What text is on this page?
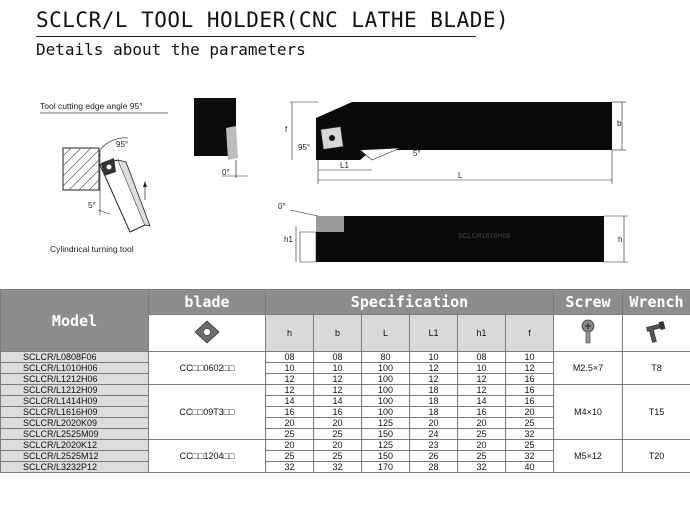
SCLCR/L TOOL HOLDER(CNC LATHE BLADE)
Details about the parameters
Tool cutting edge angle 95°
95°
5°
Cylindrical turning tool
0°
f
b
95°
5°
L1
L
SCLCR1616H09
0°
h1	h
Model	blade	Specification						Screw	Wrench
	h	b	L	L1	h1	f		
SCLCR/L0808F06	CC□□0602□□	08	08	80	10	08	10	M2.5×7	T8
SCLCR/L1010H06		10	10	100	12	10	12		
SCLCR/L1212H06		12	12	100	12	12	16		
SCLCR/L1212H09	CC□□09T3□□	12	12	100	18	12	16	M4×10	T15
SCLCR/L1414H09		14	14	100	18	14	16		
SCLCR/L1616H09		16	16	100	18	16	20		
SCLCR/L2020K09		20	20	125	20	20	25		
SCLCR/L2525M09		25	25	150	24	25	32		
SCLCR/L2020K12	CC□□1204□□	20	20	125	23	20	25	M5×12	T20
SCLCR/L2525M12		25	25	150	26	25	32		
SCLCR/L3232P12		32	32	170	28	32	40		
